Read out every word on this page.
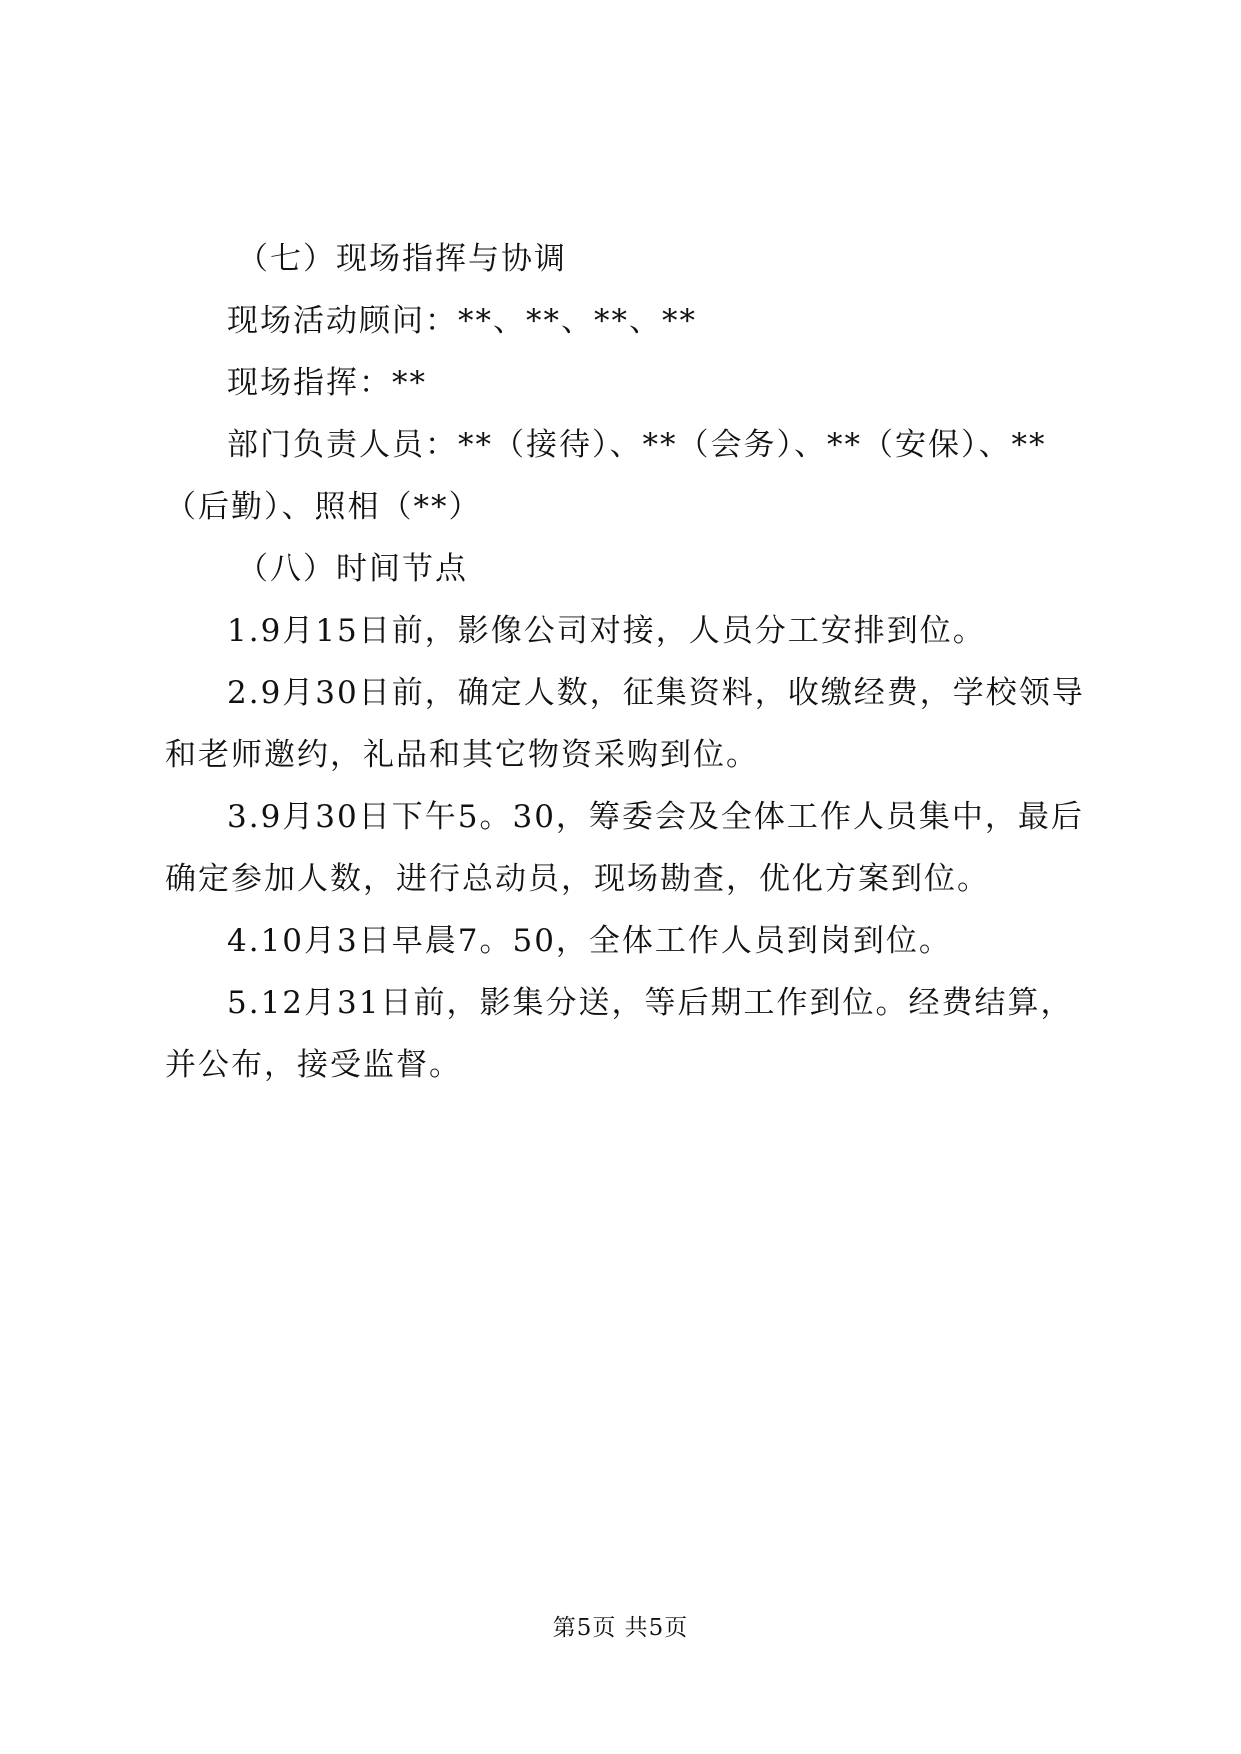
（七）现场指挥与协调

现场活动顾问：**、**、**、**

现场指挥：**

部门负责人员：**（接待）、**（会务）、**（安保）、**（后勤）、照相（**）

（八）时间节点

1.9月15日前，影像公司对接，人员分工安排到位。

2.9月30日前，确定人数，征集资料，收缴经费，学校领导和老师邀约，礼品和其它物资采购到位。

3.9月30日下午5。30，筹委会及全体工作人员集中，最后确定参加人数，进行总动员，现场勘查，优化方案到位。

4.10月3日早晨7。50，全体工作人员到岗到位。

5.12月31日前，影集分送，等后期工作到位。经费结算，并公布，接受监督。

第5页 共5页
